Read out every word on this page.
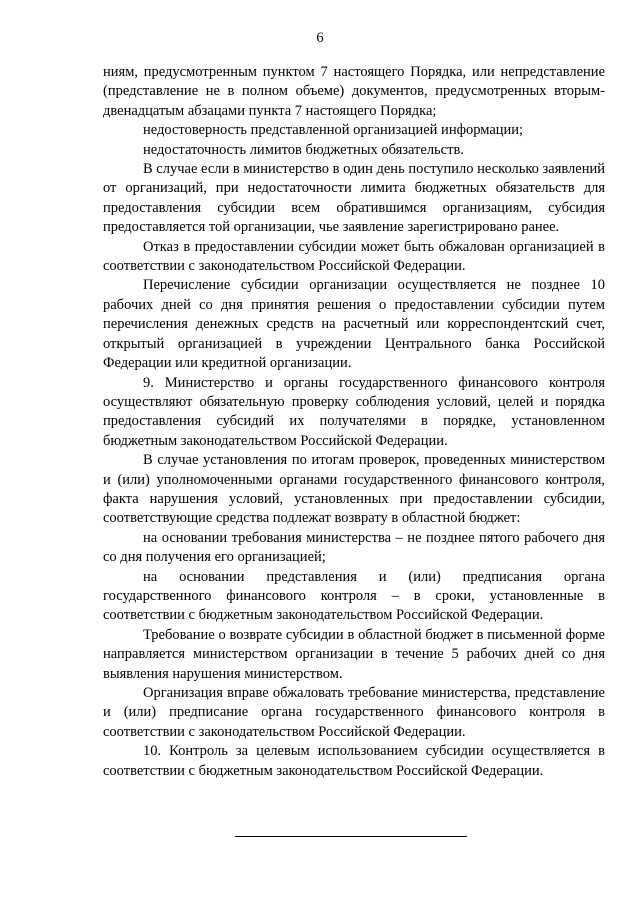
6

ниям, предусмотренным пунктом 7 настоящего Порядка, или непредставление (представление не в полном объеме) документов, предусмотренных вторым-двенадцатым абзацами пункта 7 настоящего Порядка;

недостоверность представленной организацией информации;

недостаточность лимитов бюджетных обязательств.

В случае если в министерство в один день поступило несколько заявлений от организаций, при недостаточности лимита бюджетных обязательств для предоставления субсидии всем обратившимся организациям, субсидия предоставляется той организации, чье заявление зарегистрировано ранее.

Отказ в предоставлении субсидии может быть обжалован организацией в соответствии с законодательством Российской Федерации.

Перечисление субсидии организации осуществляется не позднее 10 рабочих дней со дня принятия решения о предоставлении субсидии путем перечисления денежных средств на расчетный или корреспондентский счет, открытый организацией в учреждении Центрального банка Российской Федерации или кредитной организации.

9. Министерство и органы государственного финансового контроля осуществляют обязательную проверку соблюдения условий, целей и порядка предоставления субсидий их получателями в порядке, установленном бюджетным законодательством Российской Федерации.

В случае установления по итогам проверок, проведенных министерством и (или) уполномоченными органами государственного финансового контроля, факта нарушения условий, установленных при предоставлении субсидии, соответствующие средства подлежат возврату в областной бюджет:

на основании требования министерства – не позднее пятого рабочего дня со дня получения его организацией;

на основании представления и (или) предписания органа государственного финансового контроля – в сроки, установленные в соответствии с бюджетным законодательством Российской Федерации.

Требование о возврате субсидии в областной бюджет в письменной форме направляется министерством организации в течение 5 рабочих дней со дня выявления нарушения министерством.

Организация вправе обжаловать требование министерства, представление и (или) предписание органа государственного финансового контроля в соответствии с законодательством Российской Федерации.

10. Контроль за целевым использованием субсидии осуществляется в соответствии с бюджетным законодательством Российской Федерации.
